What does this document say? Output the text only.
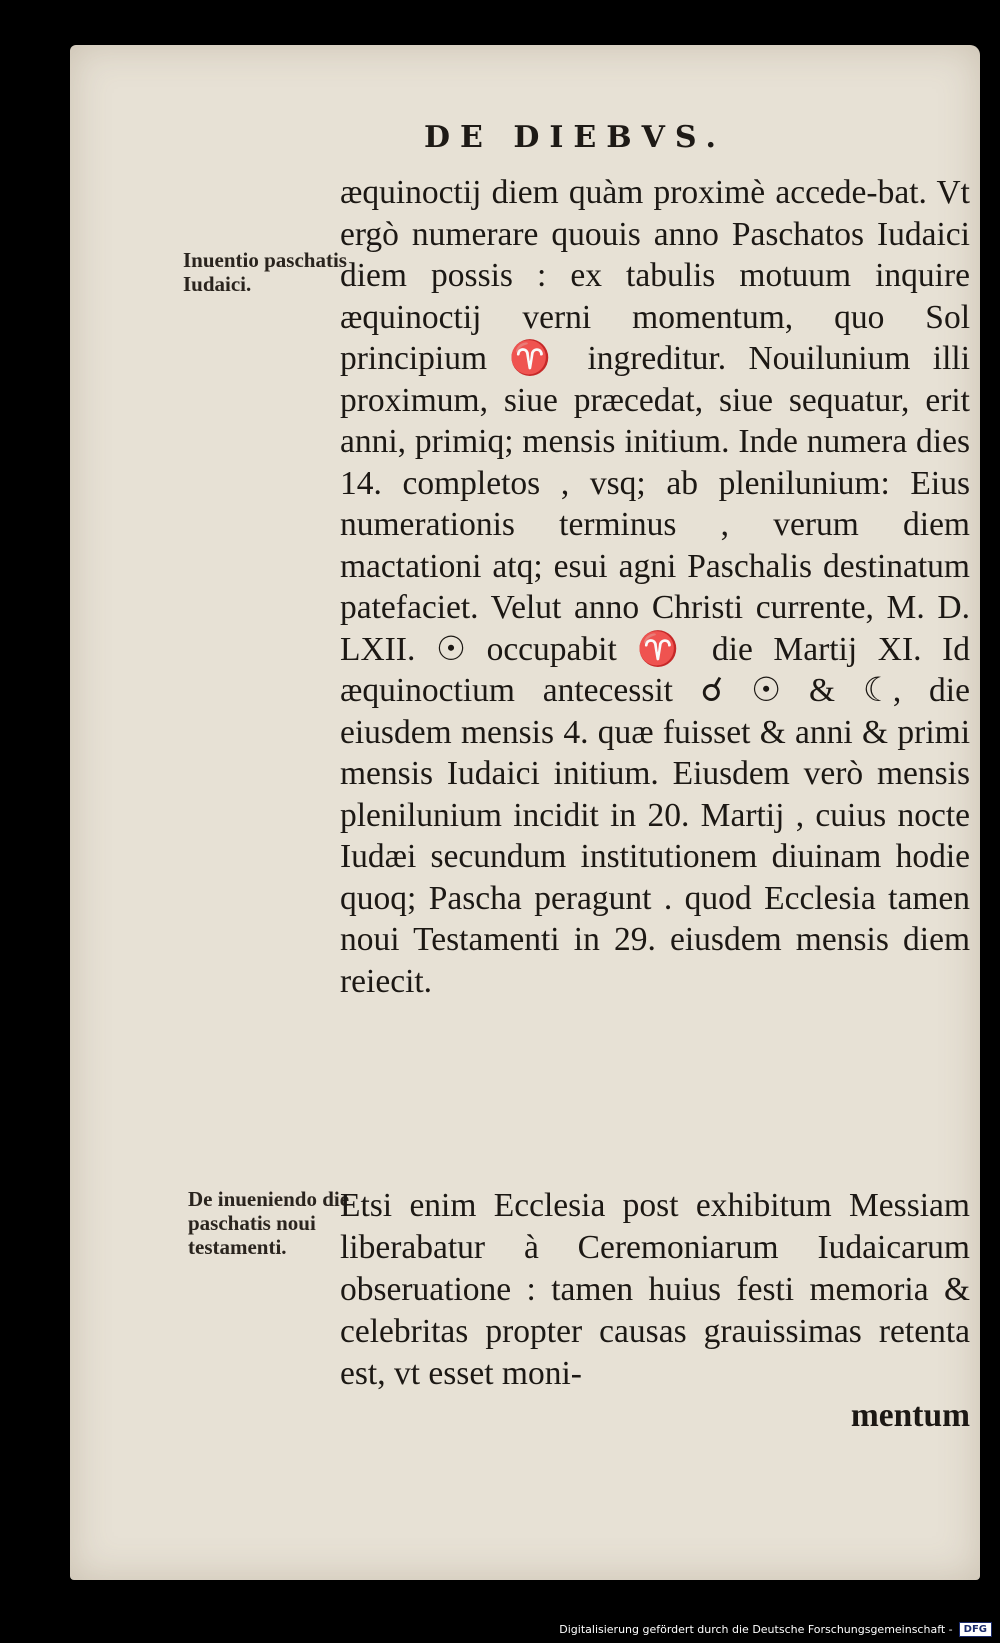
DE DIEBVS.
Inuentio paschatis Iudaici.

æquinoctij diem quàm proximè accede-bat. Vt ergò numerare quouis anno Paschatos Iudaici diem possis : ex tabulis motuum inquire æquinoctij verni momentum, quo Sol principium ♈ ingreditur. Nouilunium illi proximum, siue præcedat, siue sequatur, erit anni, primiq; mensis initium. Inde numera dies 14. completos , vsq; ab plenilunium: Eius numerationis terminus , verum diem mactationi atq; esui agni Paschalis destinatum patefaciet. Velut anno Christi currente, M. D. LXII. ☉ occupabit ♈ die Martij XI. Id æquinoctium antecessit ☌ ☉ & ☾, die eiusdem mensis 4. quæ fuisset & anni & primi mensis Iudaici initium. Eiusdem verò mensis plenilunium incidit in 20. Martij , cuius nocte Iudæi secundum institutionem diuinam hodie quoq; Pascha peragunt . quod Ecclesia tamen noui Testamenti in 29. eiusdem mensis diem reiecit.

De inueniendo die paschatis noui testamenti.
Etsi enim Ecclesia post exhibitum Messiam liberabatur à Ceremoniarum Iudaicarum obseruatione : tamen huius festi memoria & celebritas propter causas grauissimas retenta est, vt esset moni-
mentum
Digitalisierung gefördert durch die Deutsche Forschungsgemeinschaft -	DFG
